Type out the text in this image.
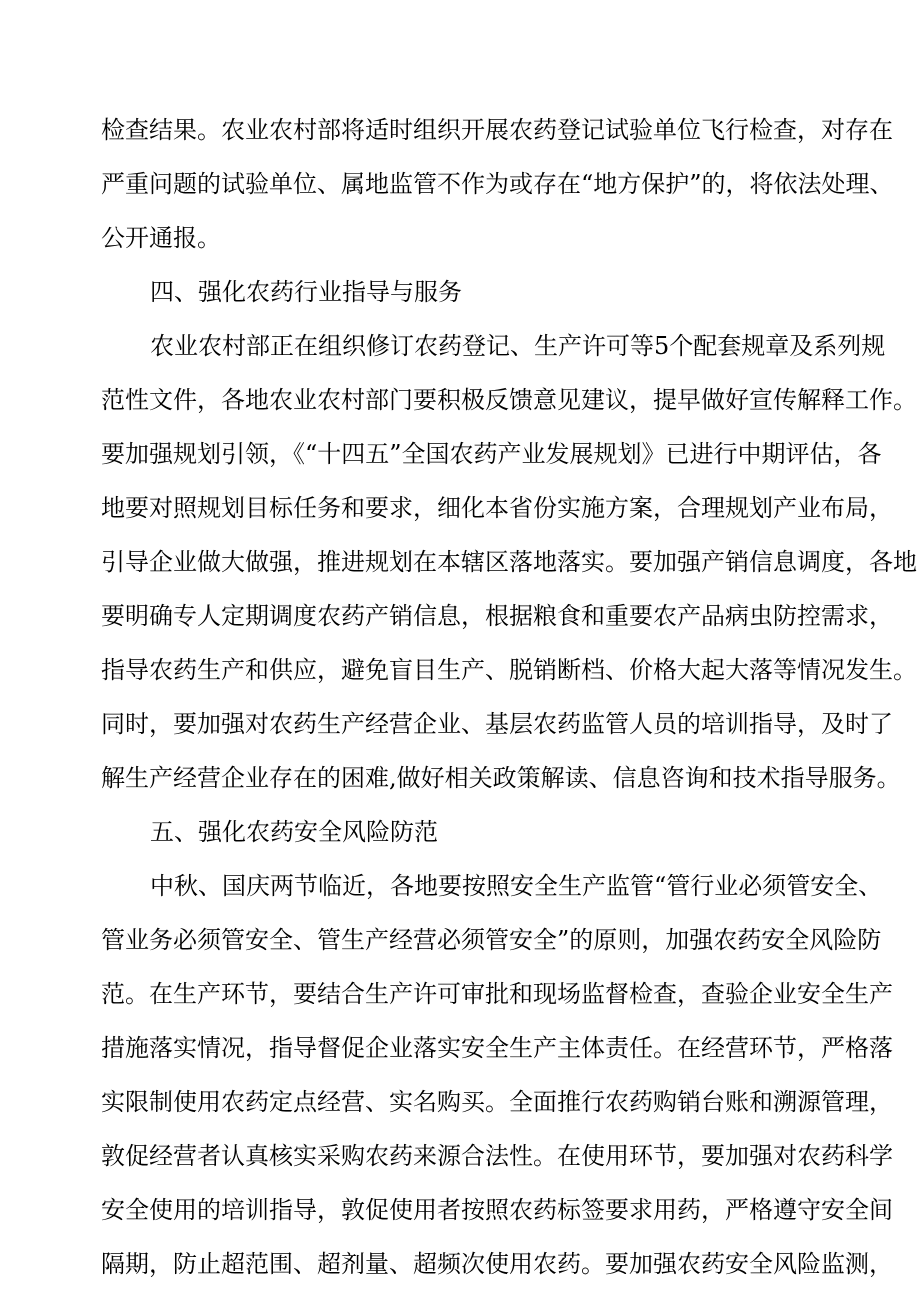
检查结果。农业农村部将适时组织开展农药登记试验单位飞行检查，对存在
严重问题的试验单位、属地监管不作为或存在“地方保护”的，将依法处理、
公开通报。
四、强化农药行业指导与服务
农业农村部正在组织修订农药登记、生产许可等5个配套规章及系列规
范性文件，各地农业农村部门要积极反馈意见建议，提早做好宣传解释工作。
要加强规划引领，《“十四五”全国农药产业发展规划》已进行中期评估，各
地要对照规划目标任务和要求，细化本省份实施方案，合理规划产业布局，
引导企业做大做强，推进规划在本辖区落地落实。要加强产销信息调度，各地
要明确专人定期调度农药产销信息，根据粮食和重要农产品病虫防控需求，
指导农药生产和供应，避免盲目生产、脱销断档、价格大起大落等情况发生。
同时，要加强对农药生产经营企业、基层农药监管人员的培训指导，及时了
解生产经营企业存在的困难,做好相关政策解读、信息咨询和技术指导服务。
五、强化农药安全风险防范
中秋、国庆两节临近，各地要按照安全生产监管“管行业必须管安全、
管业务必须管安全、管生产经营必须管安全”的原则，加强农药安全风险防
范。在生产环节，要结合生产许可审批和现场监督检查，查验企业安全生产
措施落实情况，指导督促企业落实安全生产主体责任。在经营环节，严格落
实限制使用农药定点经营、实名购买。全面推行农药购销台账和溯源管理，
敦促经营者认真核实采购农药来源合法性。在使用环节，要加强对农药科学
安全使用的培训指导，敦促使用者按照农药标签要求用药，严格遵守安全间
隔期，防止超范围、超剂量、超频次使用农药。要加强农药安全风险监测，
